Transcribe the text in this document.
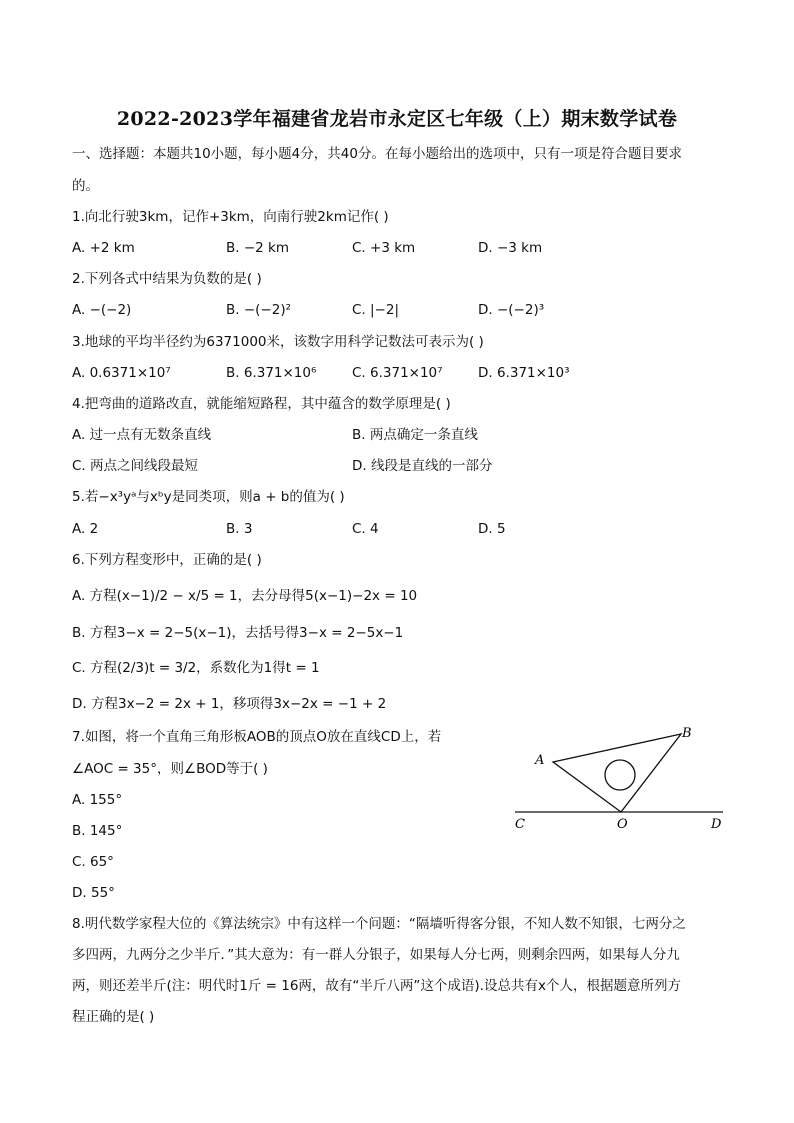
2022-2023学年福建省龙岩市永定区七年级（上）期末数学试卷
一、选择题：本题共10小题，每小题4分，共40分。在每小题给出的选项中，只有一项是符合题目要求
的。
1.向北行驶3km，记作+3km，向南行驶2km记作( )
A. +2 km	B. −2 km	C. +3 km	D. −3 km
2.下列各式中结果为负数的是( )
A. −(−2)	B. −(−2)²	C. |−2|	D. −(−2)³
3.地球的平均半径约为6371000米，该数字用科学记数法可表示为( )
A. 0.6371×10⁷	B. 6.371×10⁶	C. 6.371×10⁷	D. 6.371×10³
4.把弯曲的道路改直，就能缩短路程，其中蕴含的数学原理是( )
A. 过一点有无数条直线	B. 两点确定一条直线
C. 两点之间线段最短	D. 线段是直线的一部分
5.若−x³yᵃ与xᵇy是同类项，则a + b的值为( )
A. 2	B. 3	C. 4	D. 5
6.下列方程变形中，正确的是( )
A. 方程(x−1)/2 − x/5 = 1，去分母得5(x−1)−2x = 10
B. 方程3−x = 2−5(x−1)，去括号得3−x = 2−5x−1
C. 方程(2/3)t = 3/2，系数化为1得t = 1
D. 方程3x−2 = 2x + 1，移项得3x−2x = −1 + 2
7.如图，将一个直角三角形板AOB的顶点O放在直线CD上，若
∠AOC = 35°，则∠BOD等于( )
A. 155°
B. 145°
C. 65°
D. 55°
A
B
C	O	D
8.明代数学家程大位的《算法统宗》中有这样一个问题：“隔墙听得客分银，不知人数不知银，七两分之
多四两，九两分之少半斤．”其大意为：有一群人分银子，如果每人分七两，则剩余四两，如果每人分九
两，则还差半斤(注：明代时1斤 = 16两，故有“半斤八两”这个成语).设总共有x个人，根据题意所列方
程正确的是( )
